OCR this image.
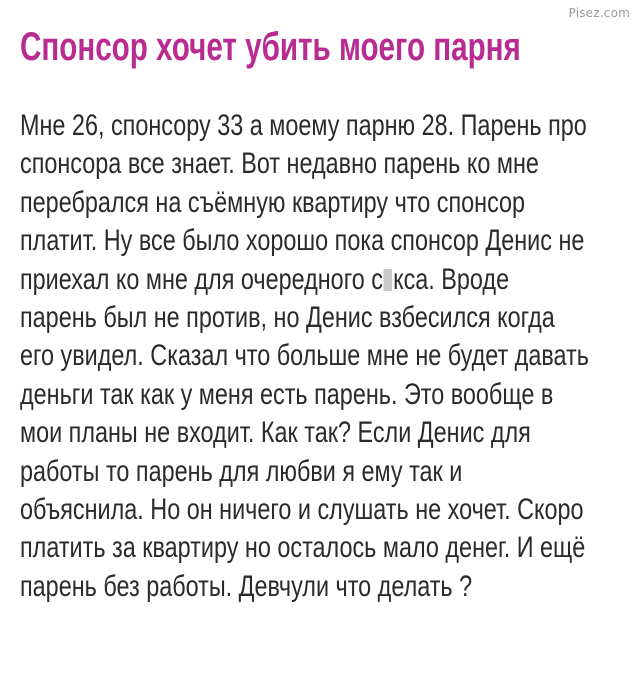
Pisez.com
Спонсор хочет убить моего парня
Мне 26, спонсору 33 а моему парню 28. Парень про
спонсора все знает. Вот недавно парень ко мне
перебрался на съёмную квартиру что спонсор
платит. Ну все было хорошо пока спонсор Денис не
приехал ко мне для очередного с кса. Вроде
парень был не против, но Денис взбесился когда
его увидел. Сказал что больше мне не будет давать
деньги так как у меня есть парень. Это вообще в
мои планы не входит. Как так? Если Денис для
работы то парень для любви я ему так и
объяснила. Но он ничего и слушать не хочет. Скоро
платить за квартиру но осталось мало денег. И ещё
парень без работы. Девчули что делать ?
